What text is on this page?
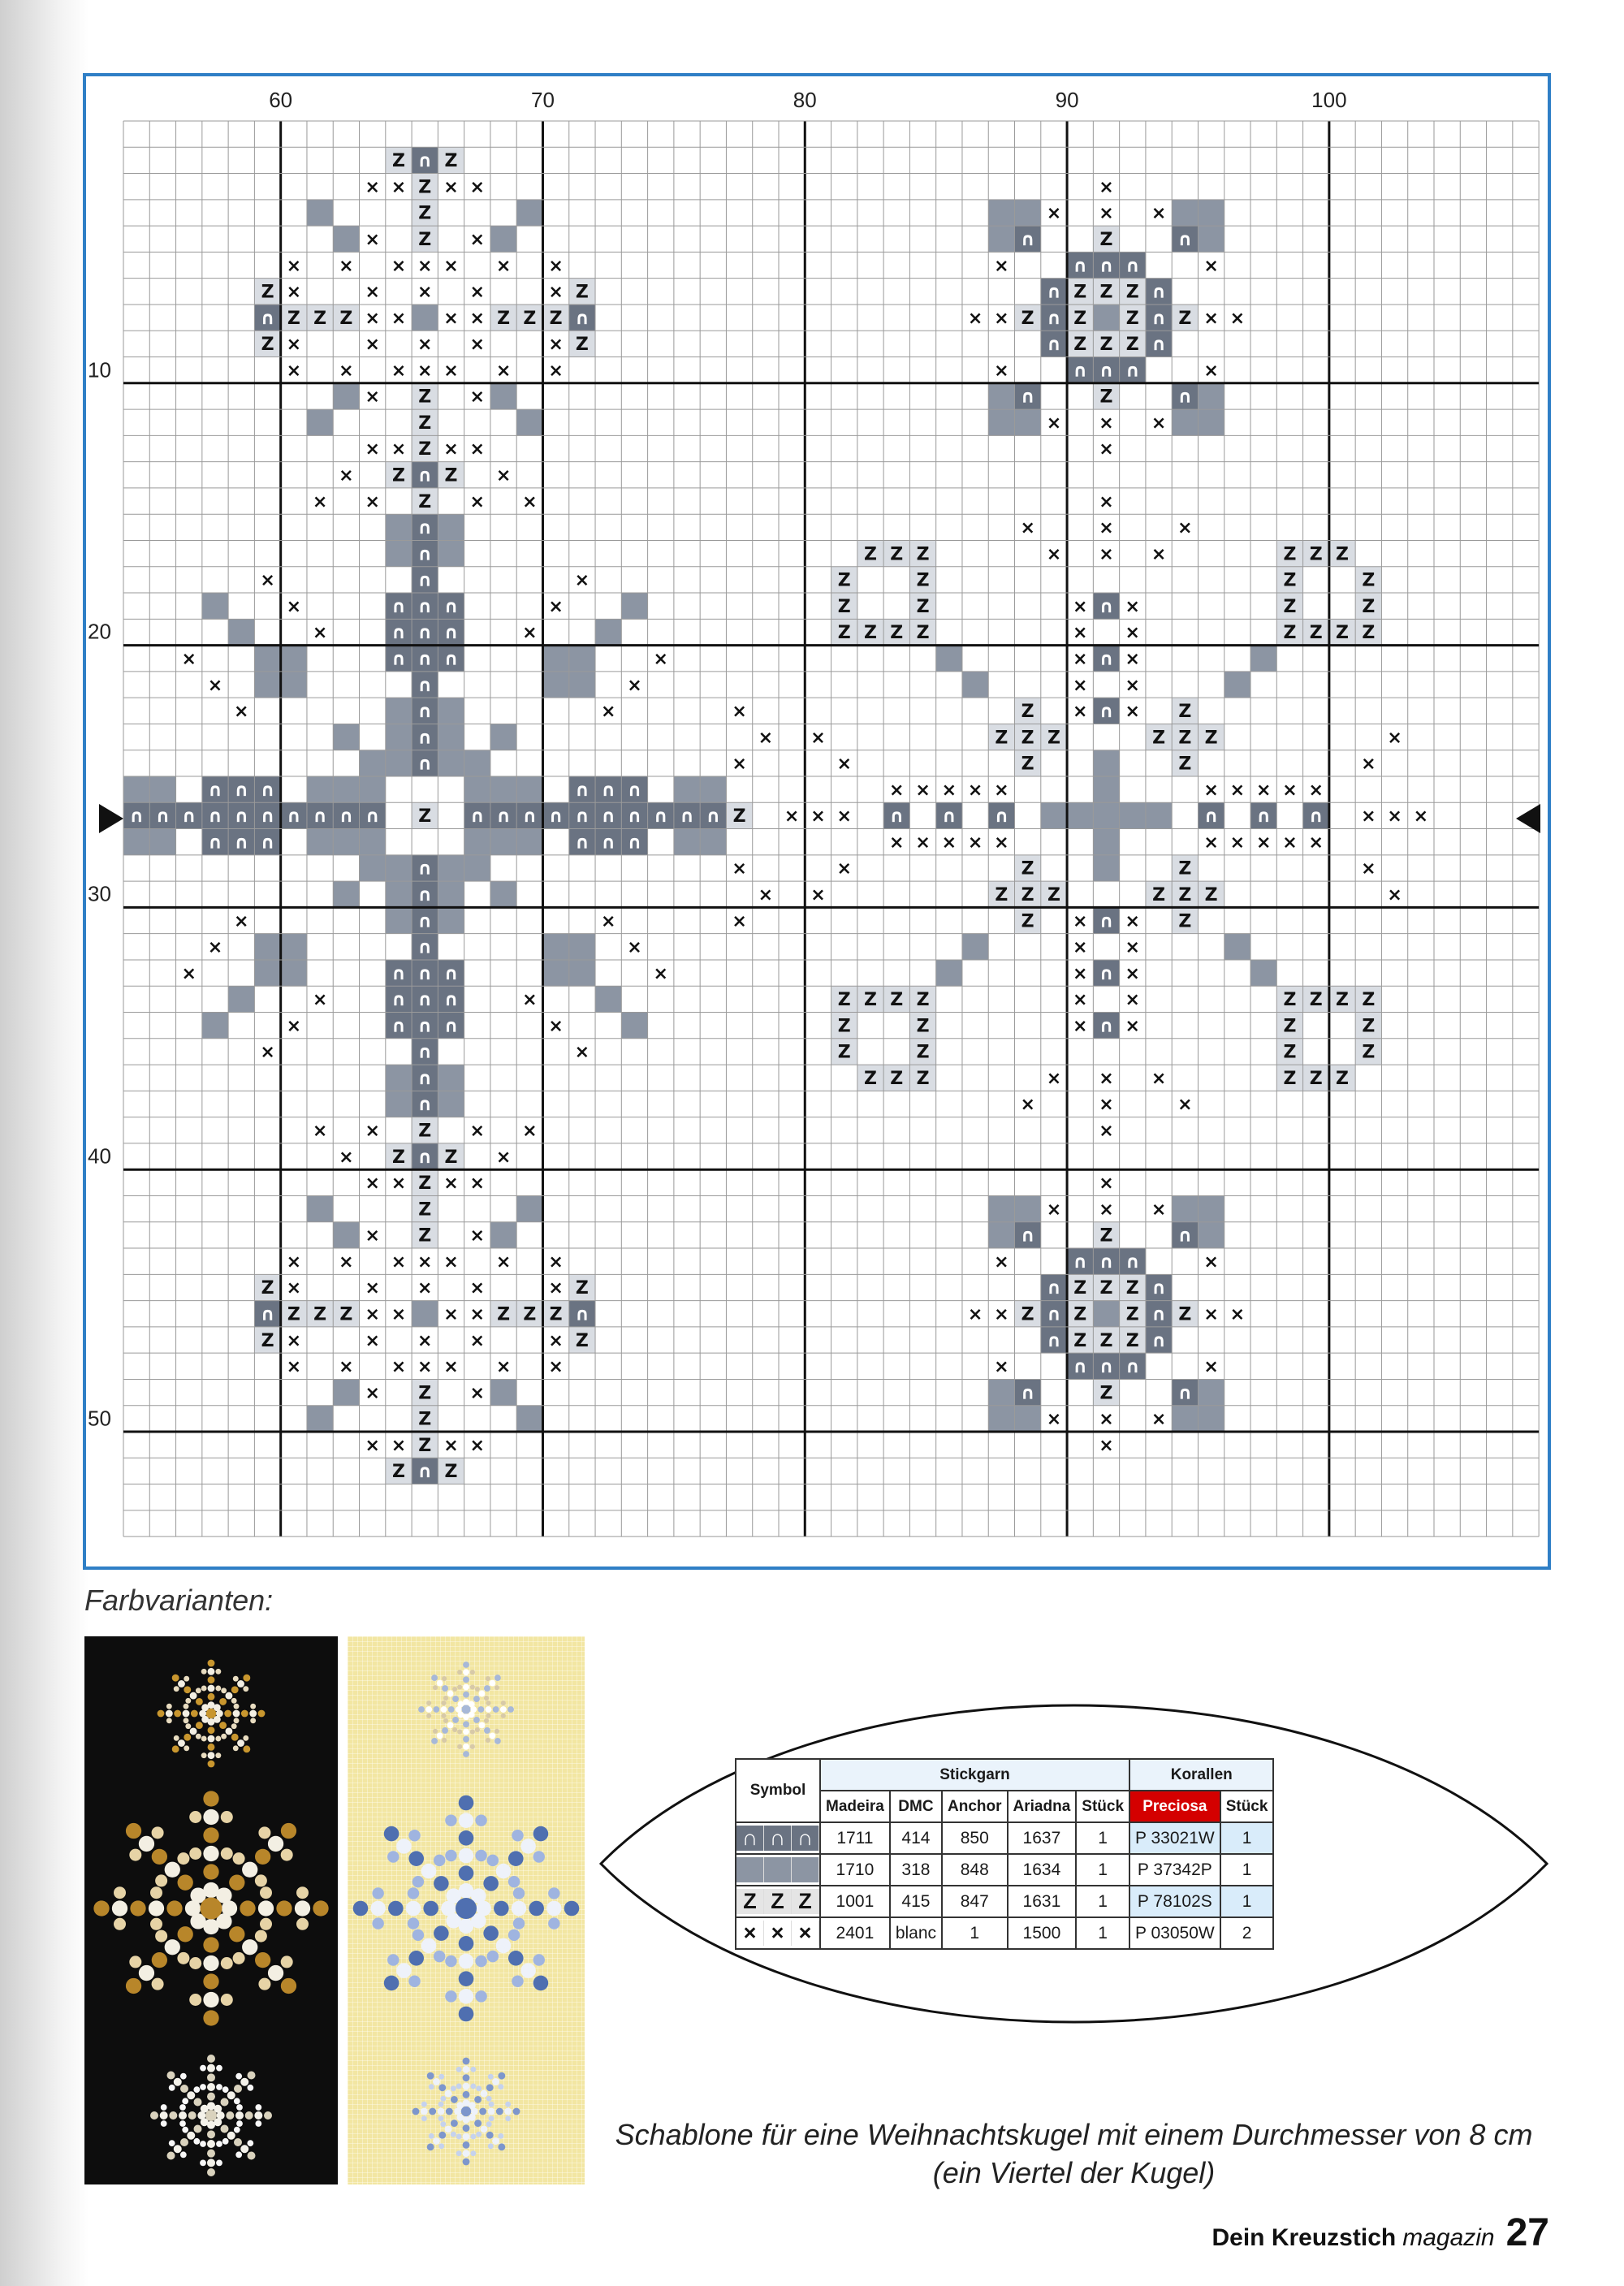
×
×
×
×
×
×
×
×
×
×
×
×
×
×
×
×
Z
Z
Z
Z
Z
Z
Z
Z
Z
Z
Z
Z
×
×
×
×
×
×
×
×
×
×
×
×
×
×
×
×
×
×
×
×
×
×
×
×
∩
∩
∩
∩
Z
Z
Z
Z
Z
Z
Z
Z
Z
Z
Z
Z
Z
Z
Z
Z
∩
∩
∩
∩
∩
∩
∩
∩
∩
∩
∩
∩
×
×
×
×
×
×
×
×
∩
∩
∩
∩
×
×
×
×
×
×
×
×
Z
Z
Z
Z
×
×
×
×
×
×
×
×
×
×
×
×
×
×
×
×
Z
Z
Z
Z
Z
Z
Z
Z
Z
Z
Z
Z
×
×
×
×
×
×
×
×
×
×
×
×
×
×
×
×
×
×
×
×
×
×
×
×
∩
∩
∩
∩
Z
Z
Z
Z
Z
Z
Z
Z
Z
Z
Z
Z
Z
Z
Z
Z
∩
∩
∩
∩
∩
∩
∩
∩
∩
∩
∩
∩
×
×
×
×
×
×
×
×
∩
∩
∩
∩
×
×
×
×
×
×
×
×
Z
Z
Z
Z
∩
∩
∩
∩
∩
∩
∩
∩
∩
∩
∩
∩
∩
∩
∩
∩
∩
∩
∩
∩
∩
∩
∩
∩
∩
∩
∩
∩
∩
∩
∩
∩
∩
∩
∩
∩
∩
∩
∩
∩
×
×
×
×
×
×
×
×
×
×
×
×
×
×
×
×
×
×
×
×
×
×
×
×
∩
∩
∩
∩
∩
∩
∩
∩
∩
∩
∩
∩
∩
∩
∩
∩
∩
∩
∩
∩
∩
∩
∩
∩
×
×
×
×
×
×
×
×
×
×
×
×
×
×
×
×
×
×
Z
Z
Z
Z	∩
∩
∩
∩
∩
∩
∩
∩
∩
∩
∩
∩
×
×
×
×
×
×
×
×
×
×
×
×
×
×
×
×
×
×
×
×
×
×
×
×
×
×
×
×
×
×
×
×
×
×
×
×
×
×
×
×
Z
Z
Z
Z
Z
Z
Z
Z
Z
Z
Z
Z
Z
Z
Z
Z
Z
Z
Z
Z
Z
Z
Z
Z
Z
Z
Z
Z
Z
Z
Z
Z
Z
Z
Z
Z
Z
Z
Z
Z
Z
Z
Z
Z
Z
Z
Z
Z
Z
Z
Z
Z
Z
Z
Z
Z
Z
Z
Z
Z
Z
Z
Z
Z
×
×
×
×
×
×
×
×
×
×
×
×
×
×
×
×
×
×
×
×
×
×
×
×
×
×
×
×
60	70	80	90	100
10
20
30
40
50
Farbvarianten:
Symbol	Stickgarn					Korallen	
	Madeira	DMC	Anchor	Ariadna	Stück	Preciosa	Stück

∩ ∩ ∩	1711	414	850	1637	1	P 33021W	1

	1710	318	848	1634	1	P 37342P	1

Z Z Z	1001	415	847	1631	1	P 78102S	1

× × ×	2401	blanc	1	1500	1	P 03050W	2
Schablone für eine Weihnachtskugel mit einem Durchmesser von 8 cm
(ein Viertel der Kugel)
Dein Kreuzstich magazin 27
